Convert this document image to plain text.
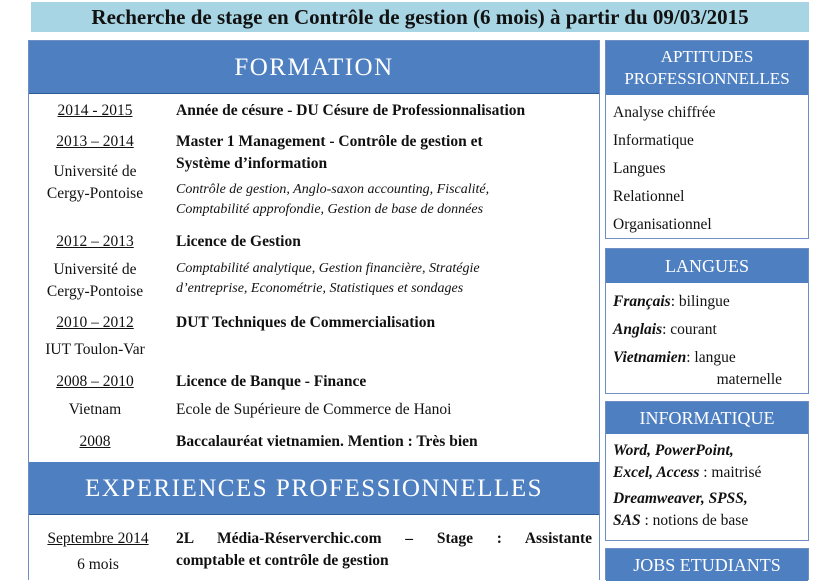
Recherche de stage en Contrôle de gestion (6 mois) à partir du 09/03/2015
FORMATION
2014 - 2015	Année de césure - DU Césure de Professionnalisation
2013 – 2014
Université de
Cergy-Pontoise
Master 1 Management - Contrôle de gestion et
Système d’information
Contrôle de gestion, Anglo-saxon accounting, Fiscalité,
Comptabilité approfondie, Gestion de base de données
2012 – 2013
Université de
Cergy-Pontoise
Licence de Gestion
Comptabilité analytique, Gestion financière, Stratégie
d’entreprise, Econométrie, Statistiques et sondages
2010 – 2012
IUT Toulon-Var
DUT Techniques de Commercialisation
2008 – 2010
Vietnam
Licence de Banque - Finance
Ecole de Supérieure de Commerce de Hanoi
2008	Baccalauréat vietnamien. Mention : Très bien
EXPERIENCES PROFESSIONNELLES
Septembre 2014
6 mois
2L Média-Réserverchic.com – Stage : Assistante
comptable et contrôle de gestion
APTITUDES
PROFESSIONNELLES
Analyse chiffrée
Informatique
Langues
Relationnel
Organisationnel
LANGUES
Français: bilingue
Anglais: courant
Vietnamien: langue
maternelle
INFORMATIQUE
Word, PowerPoint,
Excel, Access : maitrisé
Dreamweaver, SPSS,
SAS : notions de base
JOBS ETUDIANTS
